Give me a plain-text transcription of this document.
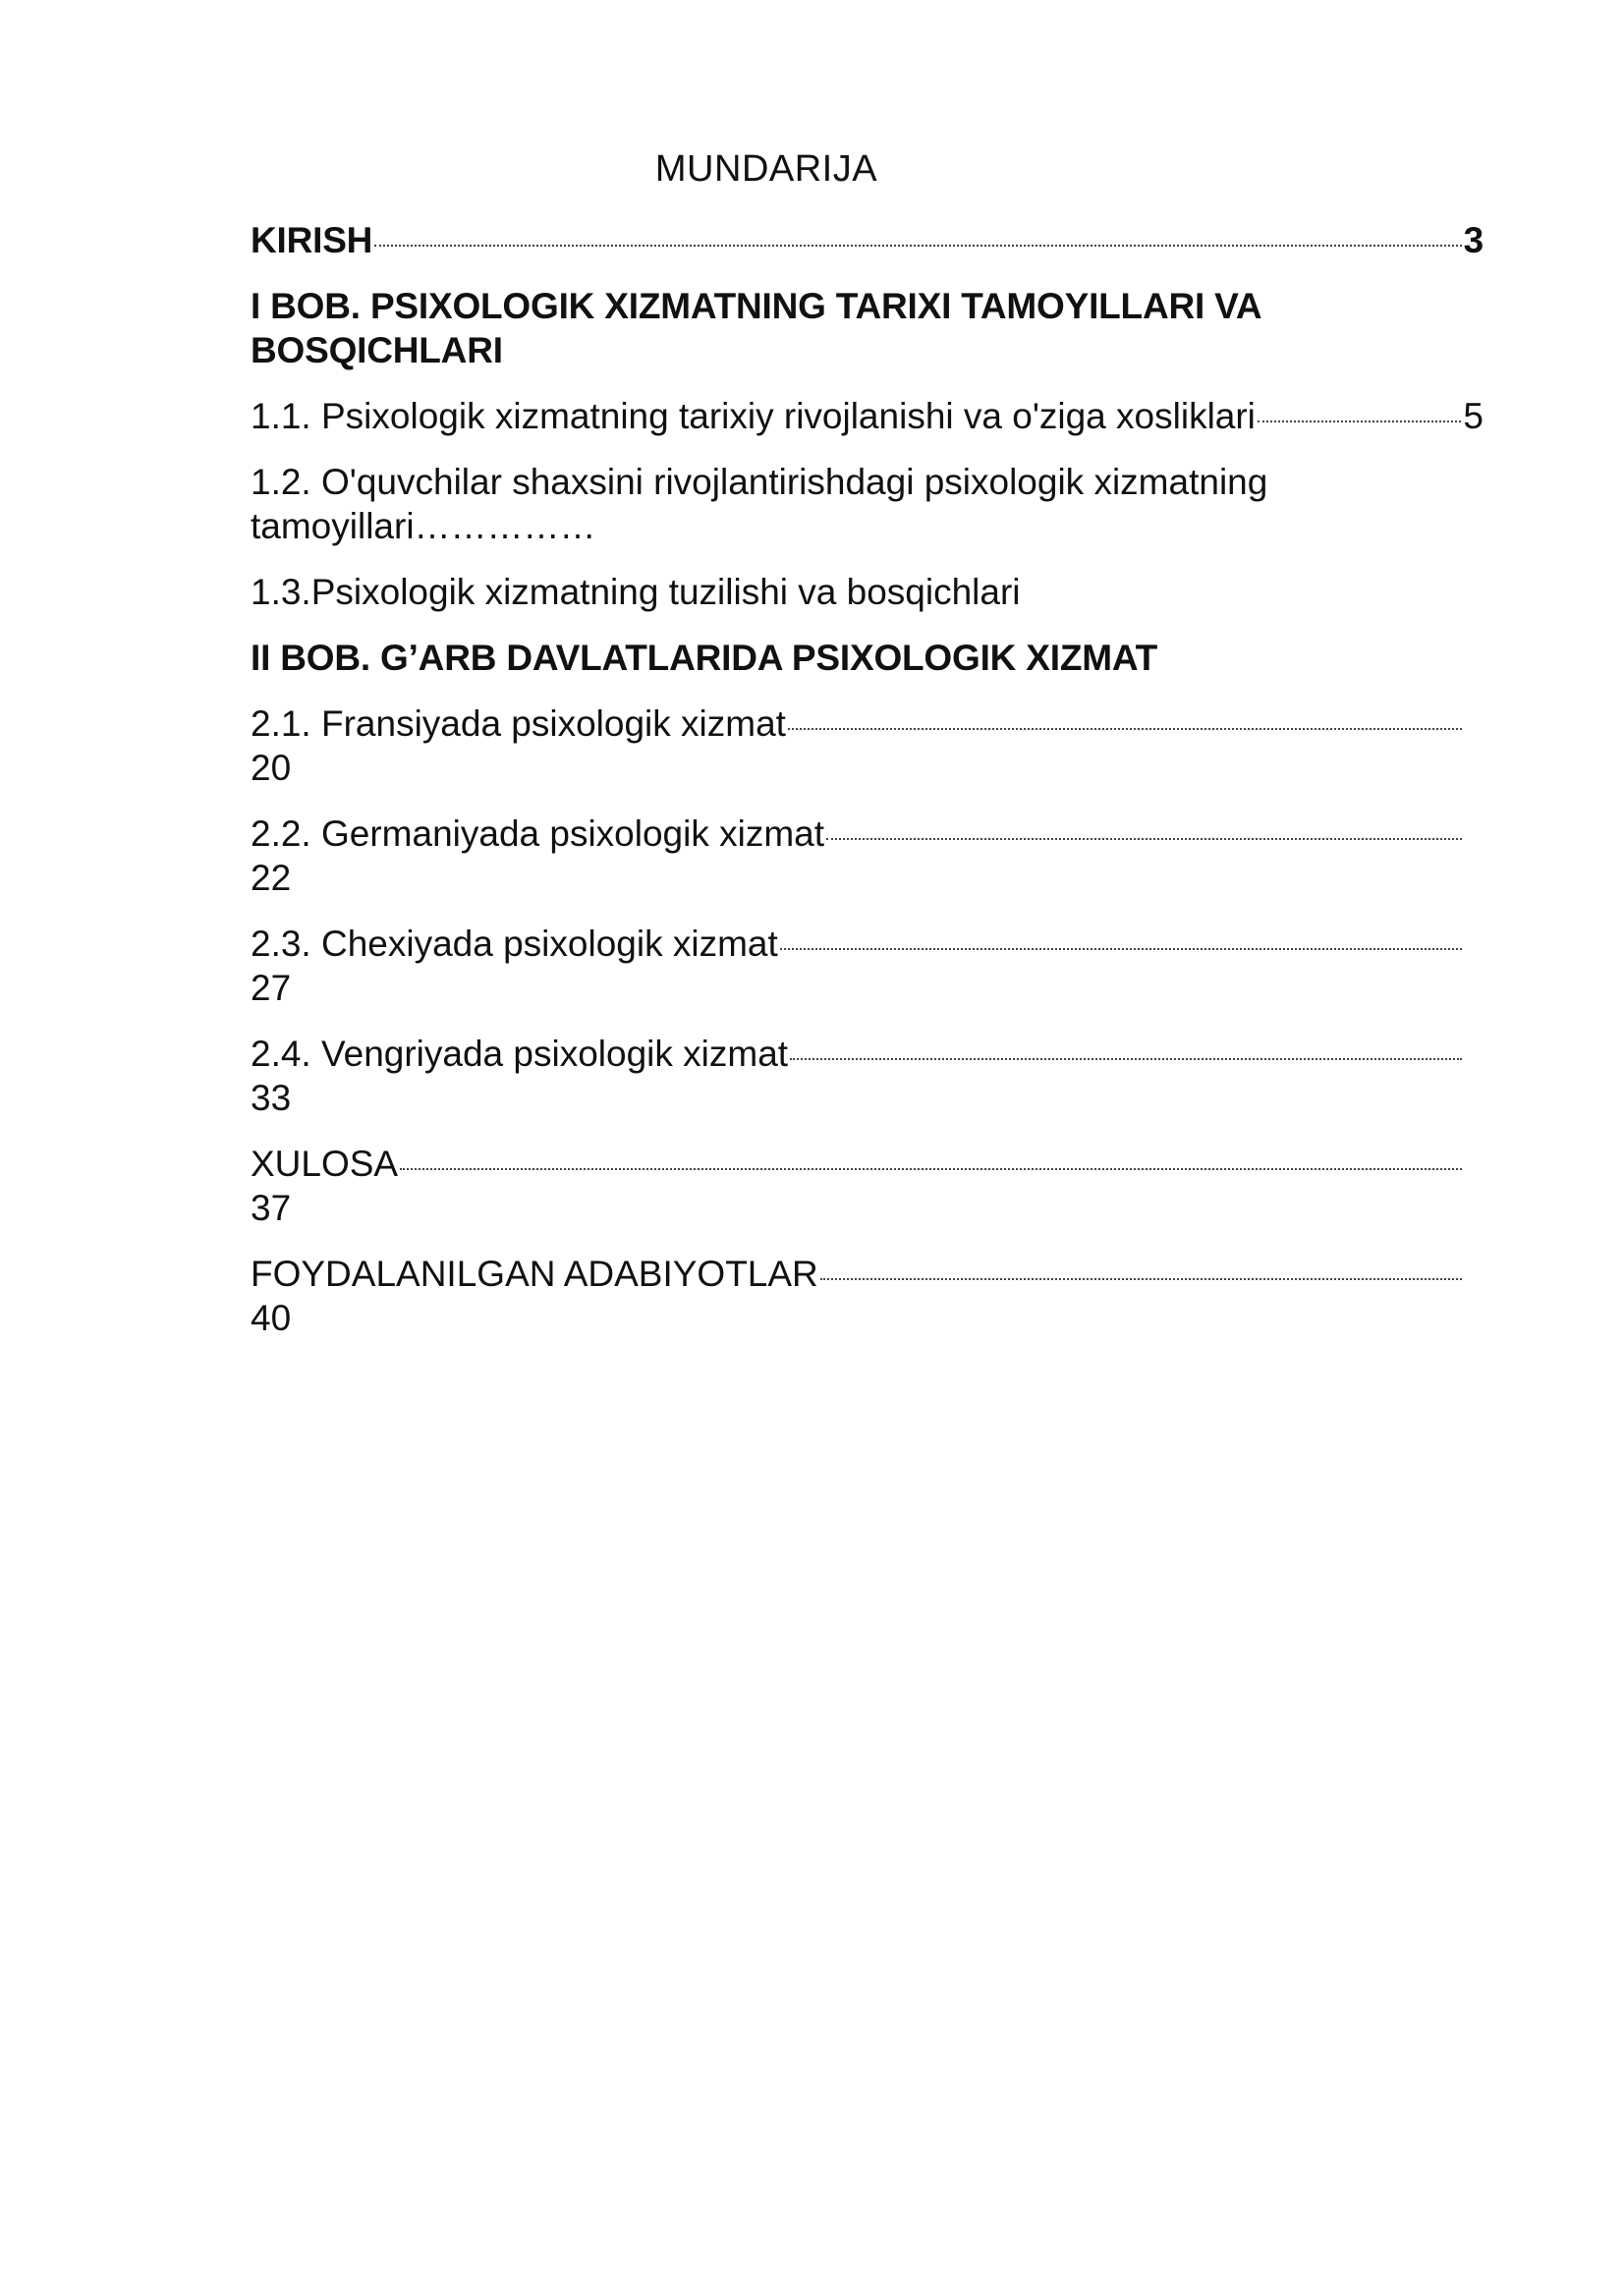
MUNDARIJA
KIRISH	3
I BOB. PSIXOLOGIK XIZMATNING TARIXI TAMOYILLARI VA BOSQICHLARI
1.1. Psixologik xizmatning tarixiy rivojlanishi va o'ziga xosliklari	5
1.2. O'quvchilar shaxsini rivojlantirishdagi psixologik xizmatning tamoyillari……………
1.3.Psixologik xizmatning tuzilishi va bosqichlari
II BOB. G’ARB DAVLATLARIDA PSIXOLOGIK XIZMAT
2.1. Fransiyada psixologik xizmat
20
2.2. Germaniyada psixologik xizmat
22
2.3. Chexiyada psixologik xizmat
27
2.4. Vengriyada psixologik xizmat
33
XULOSA
37
FOYDALANILGAN ADABIYOTLAR
40
